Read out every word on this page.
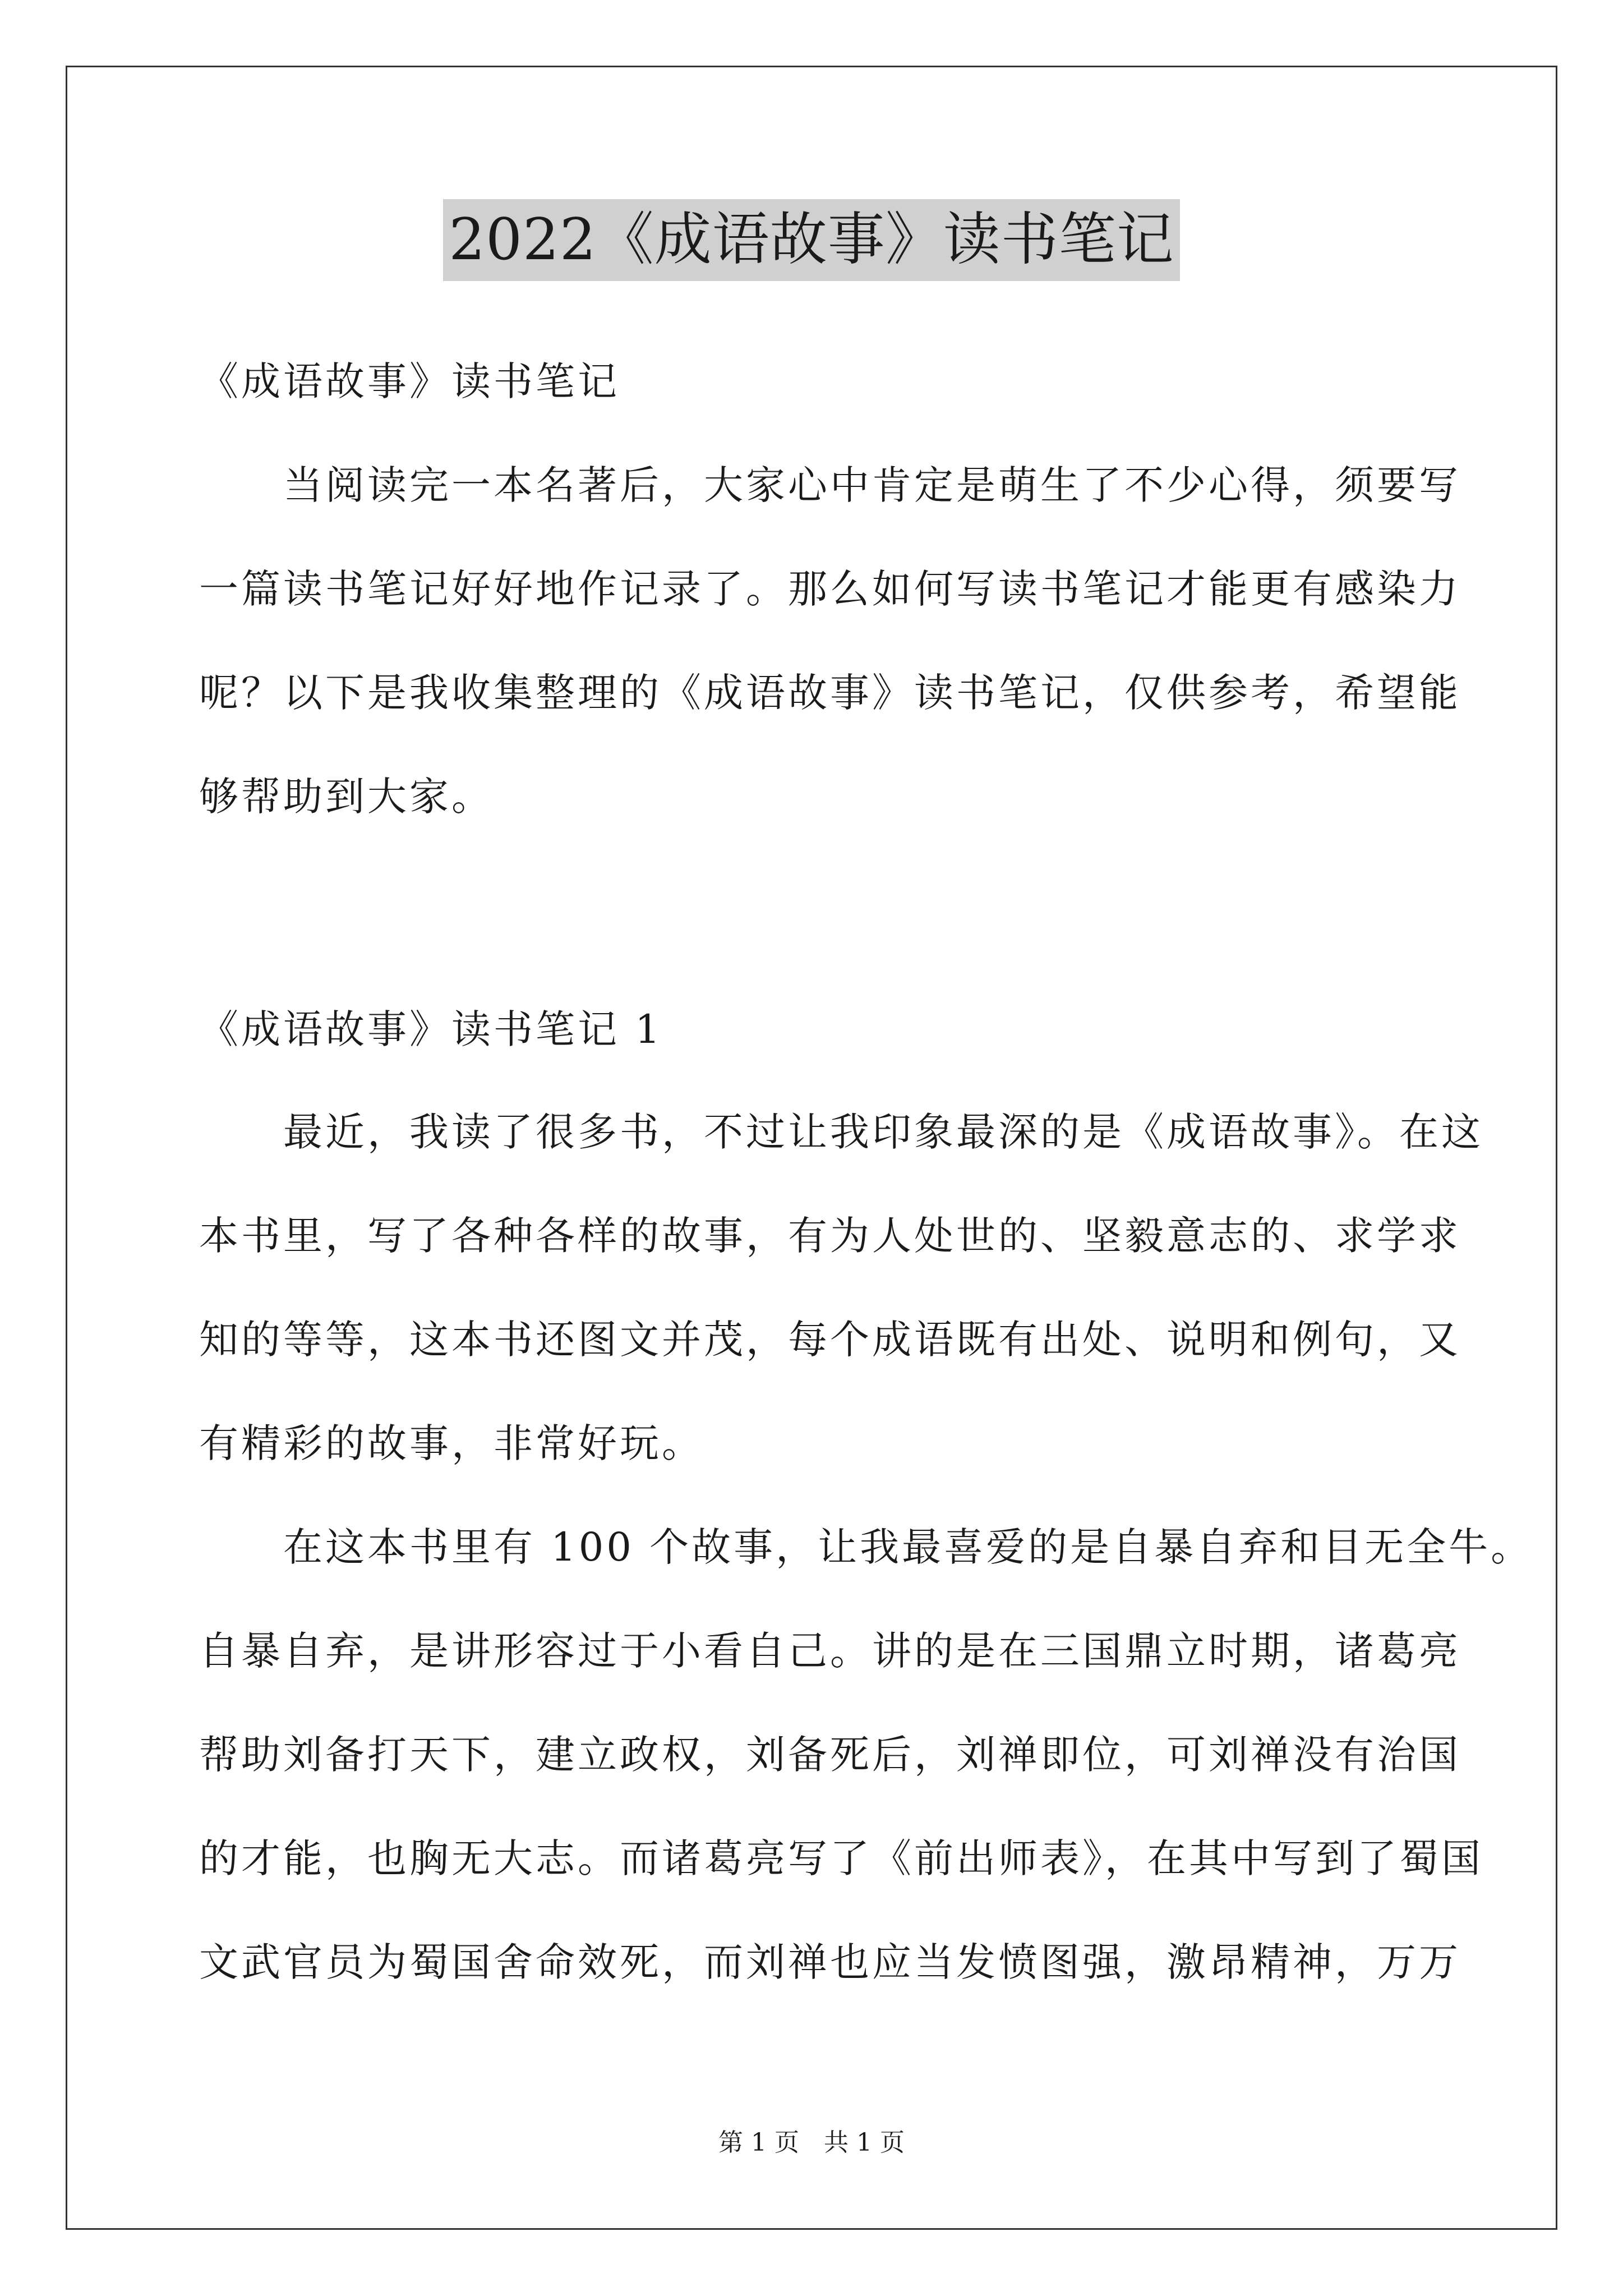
2022《成语故事》读书笔记
《成语故事》读书笔记
　　当阅读完一本名著后，大家心中肯定是萌生了不少心得，须要写
一篇读书笔记好好地作记录了。那么如何写读书笔记才能更有感染力
呢？以下是我收集整理的《成语故事》读书笔记，仅供参考，希望能
够帮助到大家。
《成语故事》读书笔记 1
　　最近，我读了很多书，不过让我印象最深的是《成语故事》。在这
本书里，写了各种各样的故事，有为人处世的、坚毅意志的、求学求
知的等等，这本书还图文并茂，每个成语既有出处、说明和例句，又
有精彩的故事，非常好玩。
　　在这本书里有 100 个故事，让我最喜爱的是自暴自弃和目无全牛。
自暴自弃，是讲形容过于小看自己。讲的是在三国鼎立时期，诸葛亮
帮助刘备打天下，建立政权，刘备死后，刘禅即位，可刘禅没有治国
的才能，也胸无大志。而诸葛亮写了《前出师表》，在其中写到了蜀国
文武官员为蜀国舍命效死，而刘禅也应当发愤图强，激昂精神，万万
第 1 页　共 1 页
